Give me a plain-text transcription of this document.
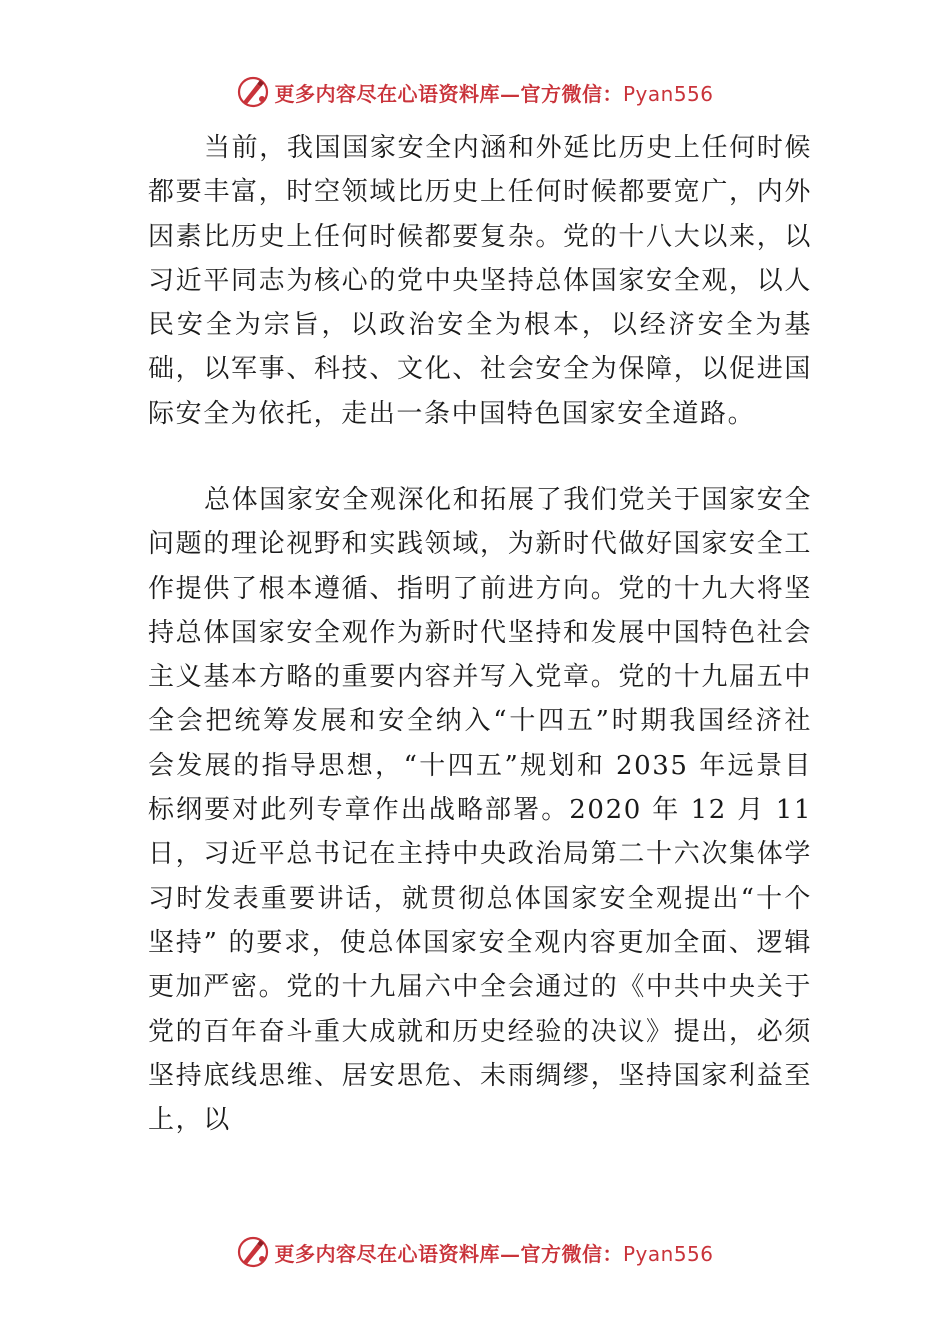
更多内容尽在心语资料库—官方微信：Pyan556

当前，我国国家安全内涵和外延比历史上任何时候都要丰富，时空领域比历史上任何时候都要宽广，内外因素比历史上任何时候都要复杂。党的十八大以来，以习近平同志为核心的党中央坚持总体国家安全观，以人民安全为宗旨，以政治安全为根本，以经济安全为基础，以军事、科技、文化、社会安全为保障，以促进国际安全为依托，走出一条中国特色国家安全道路。

总体国家安全观深化和拓展了我们党关于国家安全问题的理论视野和实践领域，为新时代做好国家安全工作提供了根本遵循、指明了前进方向。党的十九大将坚持总体国家安全观作为新时代坚持和发展中国特色社会主义基本方略的重要内容并写入党章。党的十九届五中全会把统筹发展和安全纳入“十四五”时期我国经济社会发展的指导思想，“十四五”规划和 2035 年远景目标纲要对此列专章作出战略部署。2020 年 12 月 11 日，习近平总书记在主持中央政治局第二十六次集体学习时发表重要讲话，就贯彻总体国家安全观提出“十个坚持” 的要求，使总体国家安全观内容更加全面、逻辑更加严密。党的十九届六中全会通过的《中共中央关于党的百年奋斗重大成就和历史经验的决议》提出，必须坚持底线思维、居安思危、未雨绸缪，坚持国家利益至上，以

更多内容尽在心语资料库—官方微信：Pyan556
